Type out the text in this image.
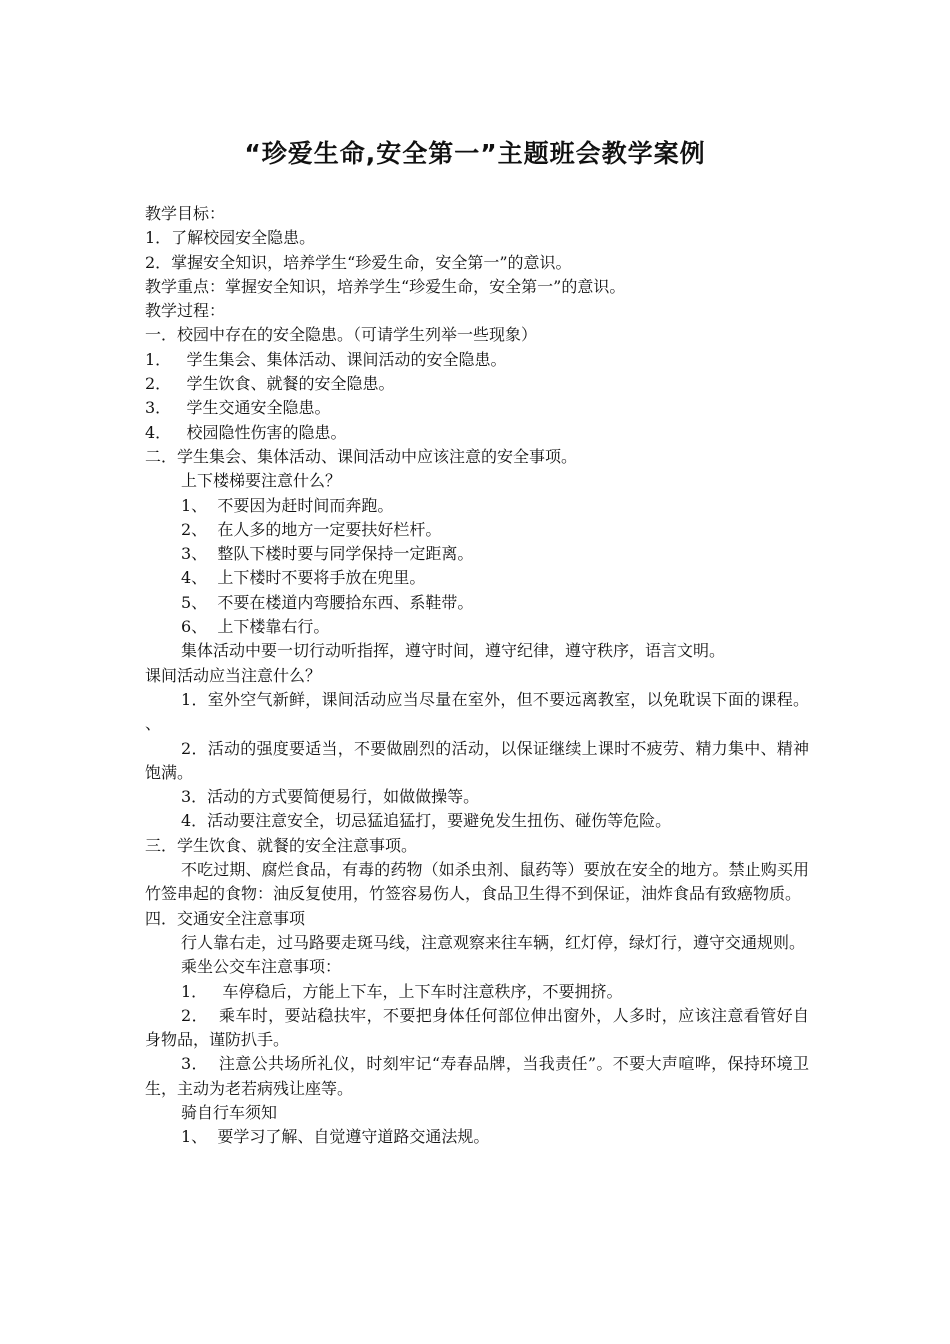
“珍爱生命,安全第一”主题班会教学案例

教学目标：

1．了解校园安全隐患。

2．掌握安全知识，培养学生“珍爱生命，安全第一”的意识。

教学重点：掌握安全知识，培养学生“珍爱生命，安全第一”的意识。

教学过程：

一．校园中存在的安全隐患。（可请学生列举一些现象）

1．   学生集会、集体活动、课间活动的安全隐患。

2．   学生饮食、就餐的安全隐患。

3．   学生交通安全隐患。

4．   校园隐性伤害的隐患。

二．学生集会、集体活动、课间活动中应该注意的安全事项。

上下楼梯要注意什么？

1、  不要因为赶时间而奔跑。

2、  在人多的地方一定要扶好栏杆。

3、  整队下楼时要与同学保持一定距离。

4、  上下楼时不要将手放在兜里。

5、  不要在楼道内弯腰拾东西、系鞋带。

6、  上下楼靠右行。

集体活动中要一切行动听指挥，遵守时间，遵守纪律，遵守秩序，语言文明。

课间活动应当注意什么？

1．室外空气新鲜，课间活动应当尽量在室外，但不要远离教室，以免耽误下面的课程。      、

2．活动的强度要适当，不要做剧烈的活动，以保证继续上课时不疲劳、精力集中、精神饱满。

3．活动的方式要简便易行，如做做操等。

4．活动要注意安全，切忌猛追猛打，要避免发生扭伤、碰伤等危险。

三．学生饮食、就餐的安全注意事项。

不吃过期、腐烂食品，有毒的药物（如杀虫剂、鼠药等）要放在安全的地方。禁止购买用竹签串起的食物：油反复使用，竹签容易伤人，食品卫生得不到保证，油炸食品有致癌物质。

四．交通安全注意事项

行人靠右走，过马路要走斑马线，注意观察来往车辆，红灯停，绿灯行，遵守交通规则。

乘坐公交车注意事项：

1．   车停稳后，方能上下车，上下车时注意秩序，不要拥挤。

2．  乘车时，要站稳扶牢，不要把身体任何部位伸出窗外，人多时，应该注意看管好自身物品，谨防扒手。

3．  注意公共场所礼仪，时刻牢记“寿春品牌，当我责任”。不要大声喧哗，保持环境卫生，主动为老若病残让座等。

骑自行车须知

1、  要学习了解、自觉遵守道路交通法规。
